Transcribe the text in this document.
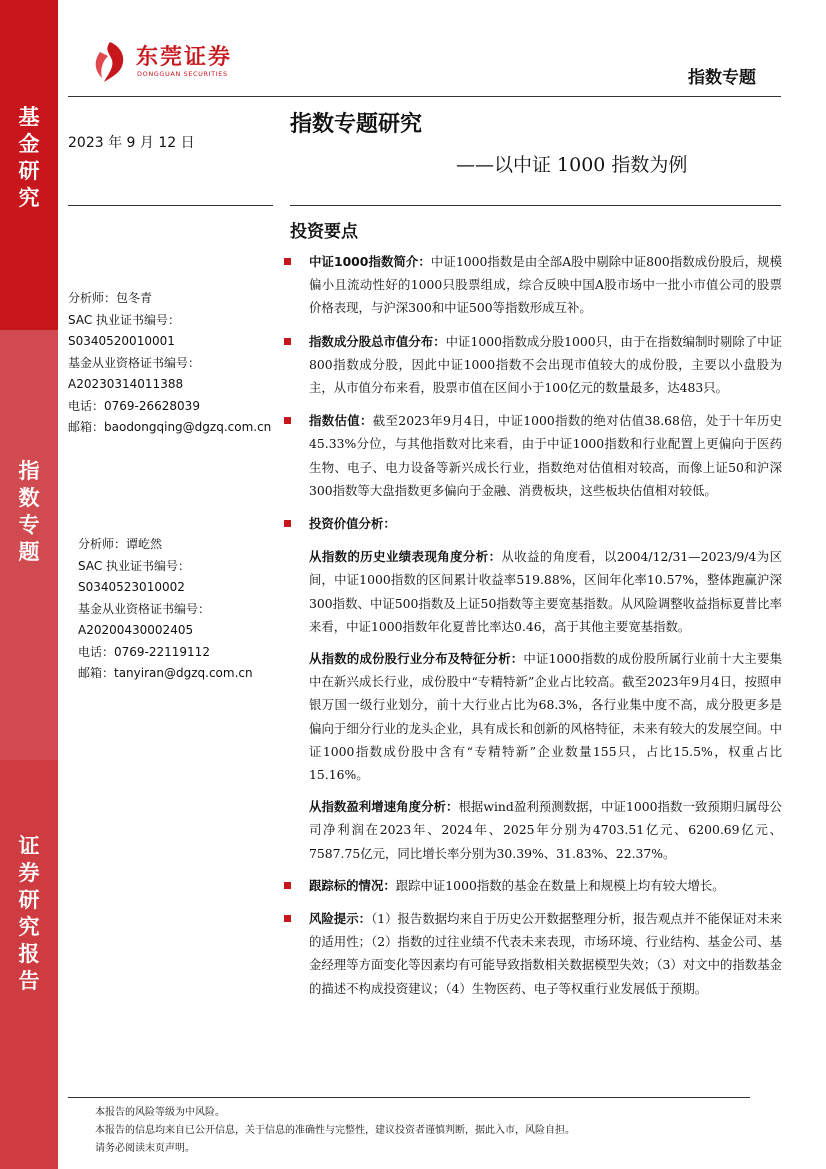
基
金
研
究
指
数
专
题
证
券
研
究
报
告
东莞证券
DONGGUAN SECURITIES	指数专题
2023 年 9 月 12 日
指数专题研究
——以中证 1000 指数为例
投资要点
分析师：包冬青
SAC 执业证书编号：
S0340520010001
基金从业资格证书编号：
A20230314011388
电话：0769-26628039
邮箱：baodongqing@dgzq.com.cn
分析师：谭屹然
SAC 执业证书编号：
S0340523010002
基金从业资格证书编号：
A20200430002405
电话：0769-22119112
邮箱：tanyiran@dgzq.com.cn

中证1000指数简介：中证1000指数是由全部A股中剔除中证800指数成份股后，规模偏小且流动性好的1000只股票组成，综合反映中国A股市场中一批小市值公司的股票价格表现，与沪深300和中证500等指数形成互补。

指数成分股总市值分布：中证1000指数成分股1000只，由于在指数编制时剔除了中证800指数成分股，因此中证1000指数不会出现市值较大的成份股，主要以小盘股为主，从市值分布来看，股票市值在区间小于100亿元的数量最多，达483只。

指数估值：截至2023年9月4日，中证1000指数的绝对估值38.68倍，处于十年历史45.33%分位，与其他指数对比来看，由于中证1000指数和行业配置上更偏向于医药生物、电子、电力设备等新兴成长行业，指数绝对估值相对较高，而像上证50和沪深300指数等大盘指数更多偏向于金融、消费板块，这些板块估值相对较低。

投资价值分析：

从指数的历史业绩表现角度分析：从收益的角度看，以2004/12/31—2023/9/4为区间，中证1000指数的区间累计收益率519.88%，区间年化率10.57%，整体跑赢沪深300指数、中证500指数及上证50指数等主要宽基指数。从风险调整收益指标夏普比率来看，中证1000指数年化夏普比率达0.46，高于其他主要宽基指数。

从指数的成份股行业分布及特征分析：中证1000指数的成份股所属行业前十大主要集中在新兴成长行业，成份股中“专精特新”企业占比较高。截至2023年9月4日，按照申银万国一级行业划分，前十大行业占比为68.3%，各行业集中度不高，成分股更多是偏向于细分行业的龙头企业，具有成长和创新的风格特征，未来有较大的发展空间。中证1000指数成份股中含有“专精特新”企业数量155只，占比15.5%，权重占比15.16%。

从指数盈利增速角度分析：根据wind盈利预测数据，中证1000指数一致预期归属母公司净利润在2023年、2024年、2025年分别为4703.51亿元、6200.69亿元、7587.75亿元，同比增长率分别为30.39%、31.83%、22.37%。

跟踪标的情况：跟踪中证1000指数的基金在数量上和规模上均有较大增长。

风险提示：（1）报告数据均来自于历史公开数据整理分析，报告观点并不能保证对未来的适用性；（2）指数的过往业绩不代表未来表现，市场环境、行业结构、基金公司、基金经理等方面变化等因素均有可能导致指数相关数据模型失效；（3）对文中的指数基金的描述不构成投资建议；（4）生物医药、电子等权重行业发展低于预期。

本报告的风险等级为中风险。
本报告的信息均来自已公开信息，关于信息的准确性与完整性，建议投资者谨慎判断，据此入市，风险自担。
请务必阅读末页声明。
